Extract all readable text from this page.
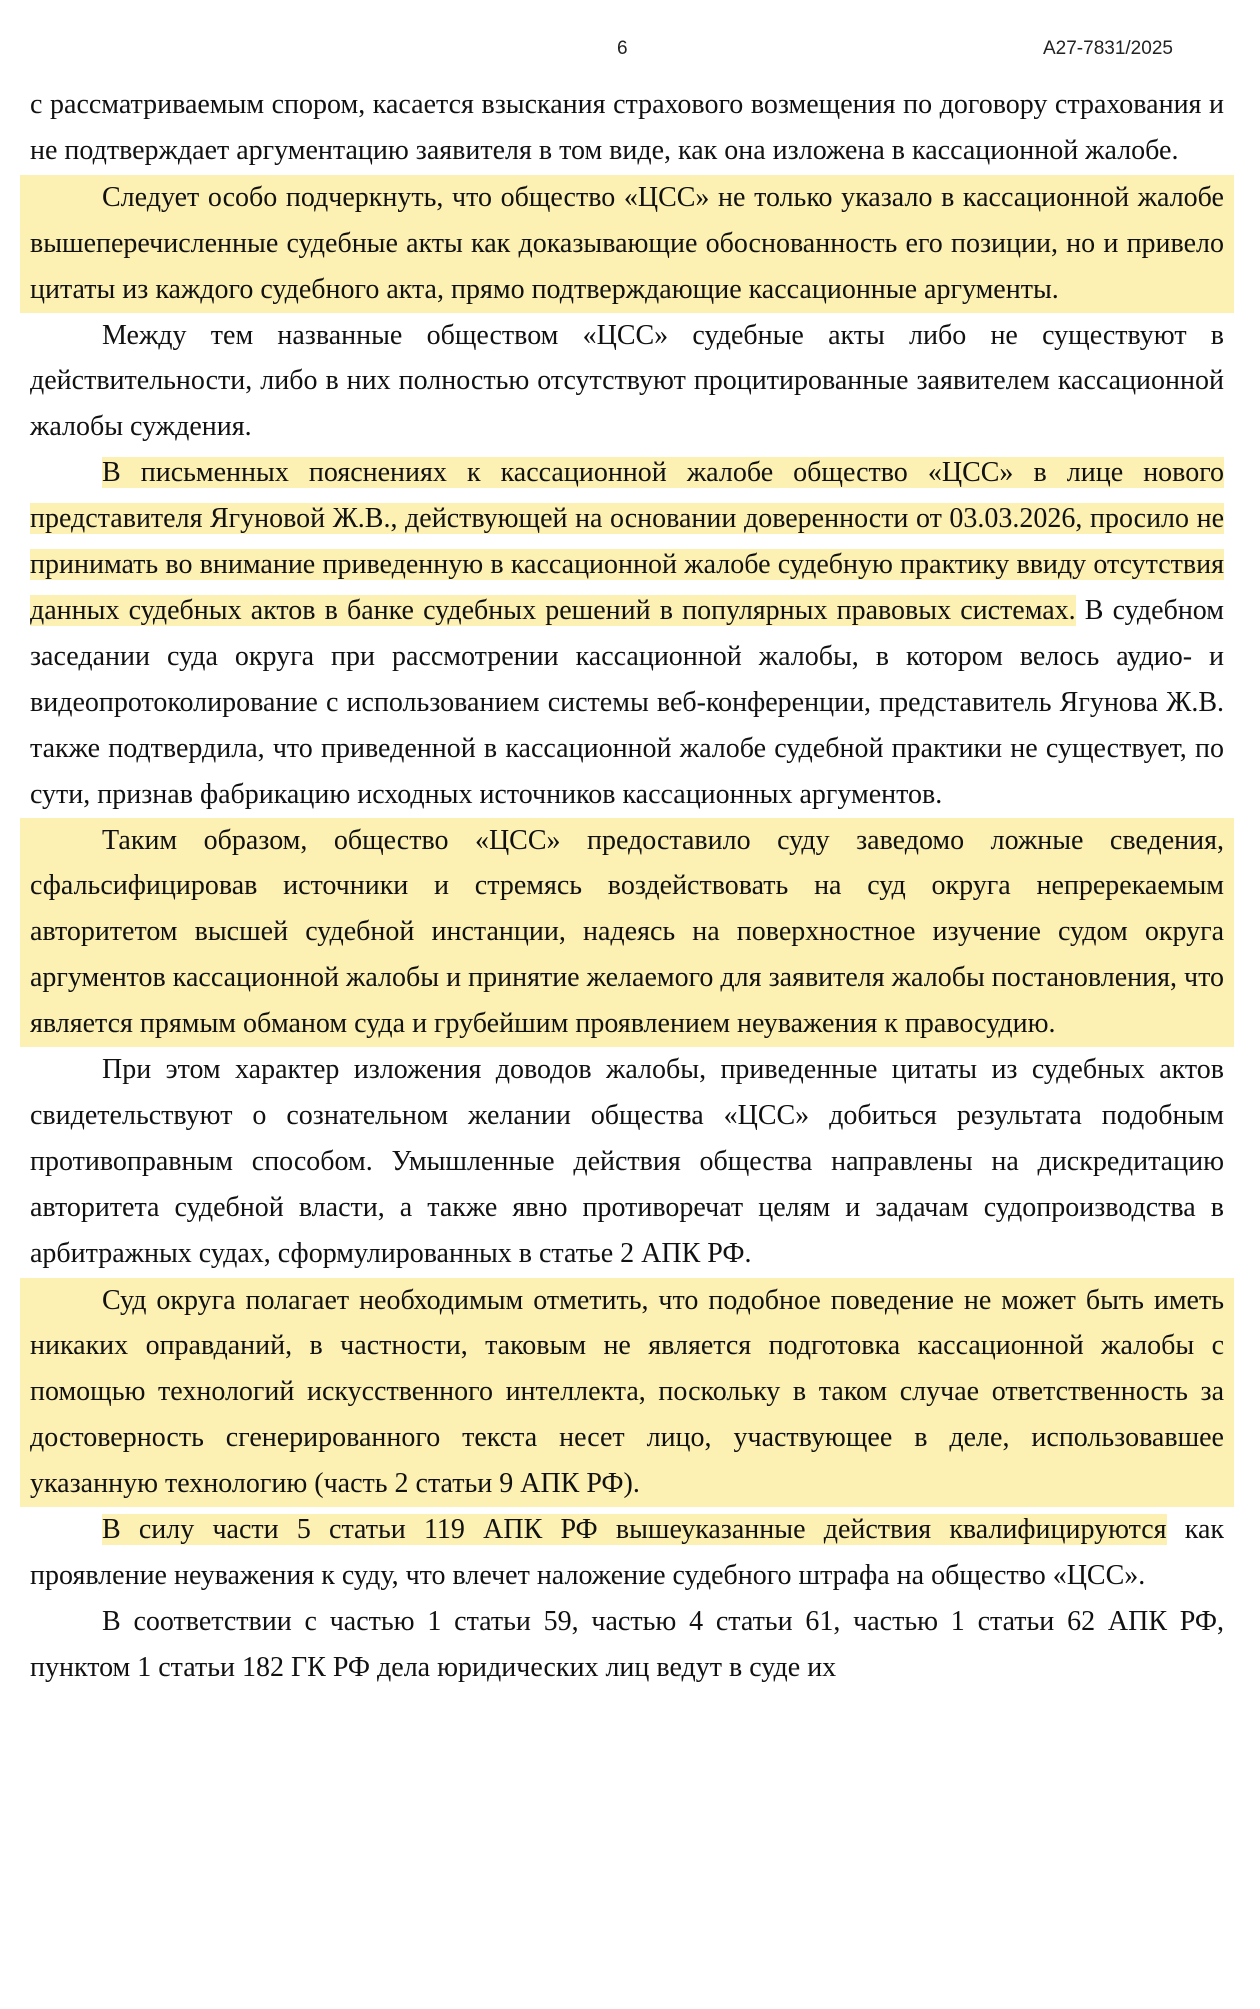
6	А27-7831/2025

с рассматриваемым спором, касается взыскания страхового возмещения по договору страхования и не подтверждает аргументацию заявителя в том виде, как она изложена в кассационной жалобе.

Следует особо подчеркнуть, что общество «ЦСС» не только указало в кассационной жалобе вышеперечисленные судебные акты как доказывающие обоснованность его позиции, но и привело цитаты из каждого судебного акта, прямо подтверждающие кассационные аргументы.

Между тем названные обществом «ЦСС» судебные акты либо не существуют в действительности, либо в них полностью отсутствуют процитированные заявителем кассационной жалобы суждения.

В письменных пояснениях к кассационной жалобе общество «ЦСС» в лице нового представителя Ягуновой Ж.В., действующей на основании доверенности от 03.03.2026, просило не принимать во внимание приведенную в кассационной жалобе судебную практику ввиду отсутствия данных судебных актов в банке судебных решений в популярных правовых системах. В судебном заседании суда округа при рассмотрении кассационной жалобы, в котором велось аудио- и видеопротоколирование с использованием системы веб-конференции, представитель Ягунова Ж.В. также подтвердила, что приведенной в кассационной жалобе судебной практики не существует, по сути, признав фабрикацию исходных источников кассационных аргументов.

Таким образом, общество «ЦСС» предоставило суду заведомо ложные сведения, сфальсифицировав источники и стремясь воздействовать на суд округа непререкаемым авторитетом высшей судебной инстанции, надеясь на поверхностное изучение судом округа аргументов кассационной жалобы и принятие желаемого для заявителя жалобы постановления, что является прямым обманом суда и грубейшим проявлением неуважения к правосудию.

При этом характер изложения доводов жалобы, приведенные цитаты из судебных актов свидетельствуют о сознательном желании общества «ЦСС» добиться результата подобным противоправным способом. Умышленные действия общества направлены на дискредитацию авторитета судебной власти, а также явно противоречат целям и задачам судопроизводства в арбитражных судах, сформулированных в статье 2 АПК РФ.

Суд округа полагает необходимым отметить, что подобное поведение не может быть иметь никаких оправданий, в частности, таковым не является подготовка кассационной жалобы с помощью технологий искусственного интеллекта, поскольку в таком случае ответственность за достоверность сгенерированного текста несет лицо, участвующее в деле, использовавшее указанную технологию (часть 2 статьи 9 АПК РФ).

В силу части 5 статьи 119 АПК РФ вышеуказанные действия квалифицируются как проявление неуважения к суду, что влечет наложение судебного штрафа на общество «ЦСС».

В соответствии с частью 1 статьи 59, частью 4 статьи 61, частью 1 статьи 62 АПК РФ, пунктом 1 статьи 182 ГК РФ дела юридических лиц ведут в суде их
